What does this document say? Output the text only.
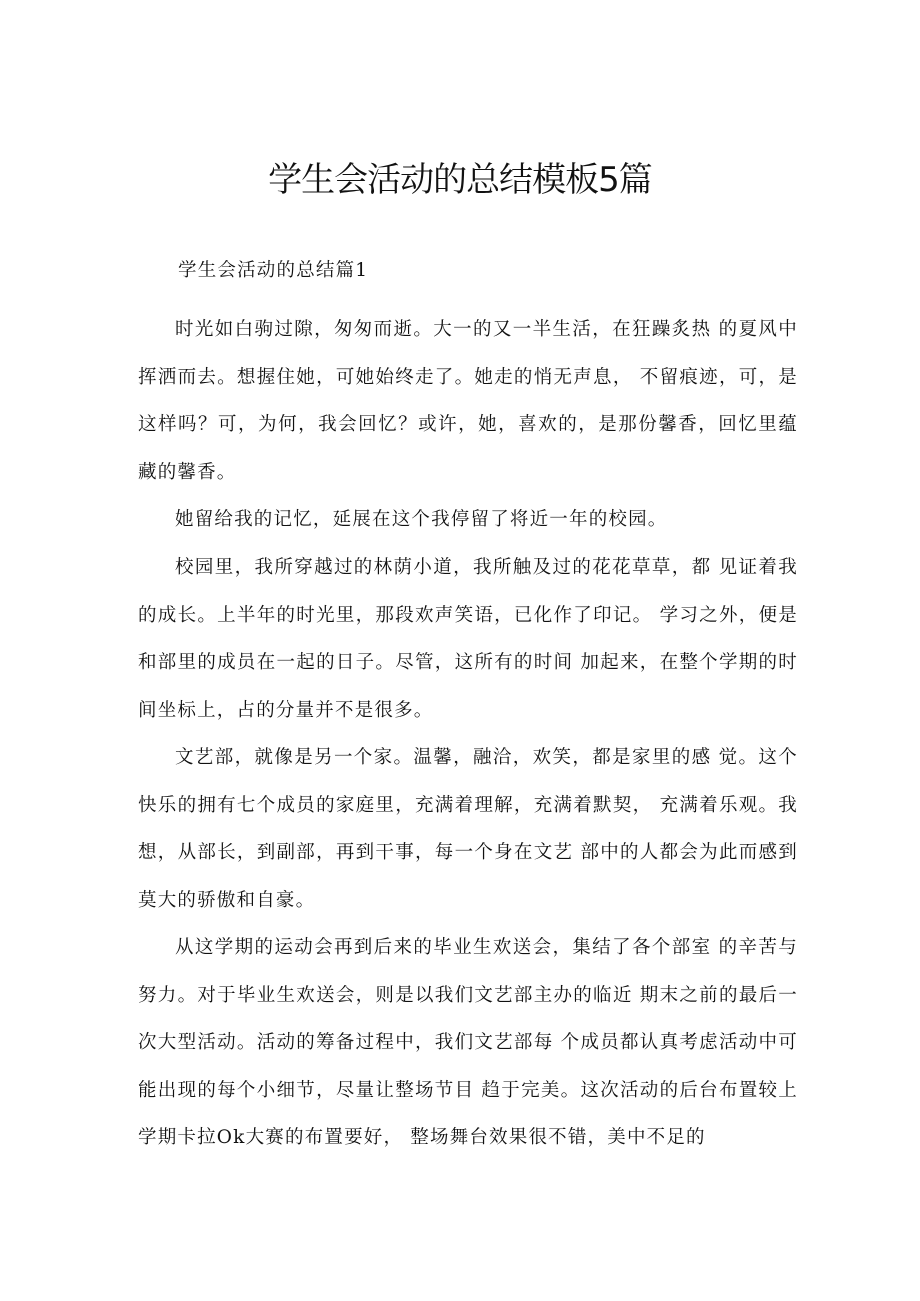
学生会活动的总结模板5篇

学生会活动的总结篇1

时光如白驹过隙，匆匆而逝。大一的又一半生活，在狂躁炙热 的夏风中挥洒而去。想握住她，可她始终走了。她走的悄无声息， 不留痕迹，可，是这样吗？可，为何，我会回忆？或许，她，喜欢的，是那份馨香，回忆里蕴藏的馨香。

她留给我的记忆，延展在这个我停留了将近一年的校园。

校园里，我所穿越过的林荫小道，我所触及过的花花草草，都 见证着我的成长。上半年的时光里，那段欢声笑语，已化作了印记。 学习之外，便是和部里的成员在一起的日子。尽管，这所有的时间 加起来，在整个学期的时间坐标上，占的分量并不是很多。

文艺部，就像是另一个家。温馨，融洽，欢笑，都是家里的感 觉。这个快乐的拥有七个成员的家庭里，充满着理解，充满着默契， 充满着乐观。我想，从部长，到副部，再到干事，每一个身在文艺 部中的人都会为此而感到莫大的骄傲和自豪。

从这学期的运动会再到后来的毕业生欢送会，集结了各个部室 的辛苦与努力。对于毕业生欢送会，则是以我们文艺部主办的临近 期末之前的最后一次大型活动。活动的筹备过程中，我们文艺部每 个成员都认真考虑活动中可能出现的每个小细节，尽量让整场节目 趋于完美。这次活动的后台布置较上学期卡拉Ok大赛的布置要好， 整场舞台效果很不错，美中不足的
